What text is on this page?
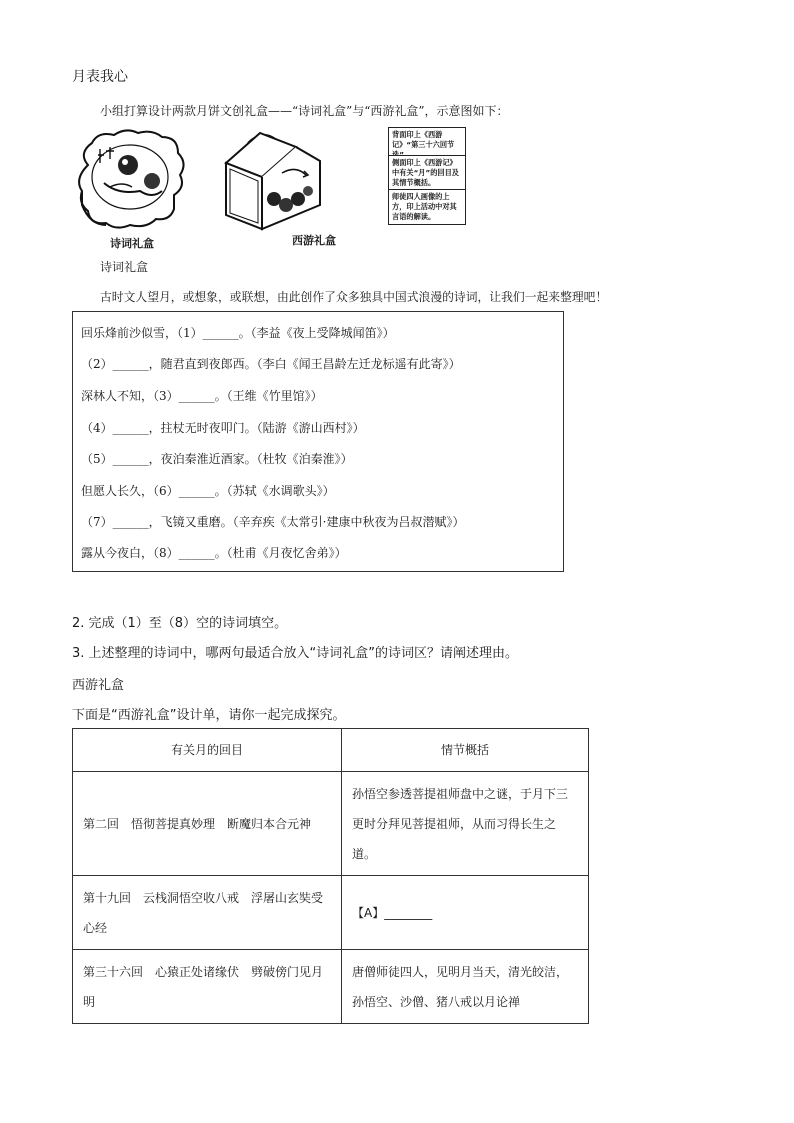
月表我心
小组打算设计两款月饼文创礼盒——“诗词礼盒”与“西游礼盒”，示意图如下：
诗词礼盒	西游礼盒
背面印上《西游记》“第三十六回节
侧面印上《西游记》中有关“月”的回目及其情节概括。
师徒四人画像的上方，印上活动中对其言语的解读。
诗词礼盒
古时文人望月，或想象，或联想，由此创作了众多独具中国式浪漫的诗词，让我们一起来整理吧！
回乐烽前沙似雪，（1）______。（李益《夜上受降城闻笛》）
（2）______，随君直到夜郎西。（李白《闻王昌龄左迁龙标遥有此寄》）
深林人不知，（3）______。（王维《竹里馆》）
（4）______，拄杖无时夜叩门。（陆游《游山西村》）
（5）______，夜泊秦淮近酒家。（杜牧《泊秦淮》）
但愿人长久，（6）______。（苏轼《水调歌头》）
（7）______，飞镜又重磨。（辛弃疾《太常引·建康中秋夜为吕叔潜赋》）
露从今夜白，（8）______。（杜甫《月夜忆舍弟》）
2. 完成（1）至（8）空的诗词填空。
3. 上述整理的诗词中，哪两句最适合放入“诗词礼盒”的诗词区？请阐述理由。
西游礼盒
下面是“西游礼盒”设计单，请你一起完成探究。
有关月的回目	情节概括
第二回　悟彻菩提真妙理　断魔归本合元神	孙悟空参透菩提祖师盘中之谜，于月下三更时分拜见菩提祖师，从而习得长生之道。
第十九回　云栈洞悟空收八戒　浮屠山玄奘受心经	【A】________
第三十六回　心猿正处诸缘伏　劈破傍门见月明	唐僧师徒四人，见明月当天，清光皎洁，孙悟空、沙僧、猪八戒以月论禅
